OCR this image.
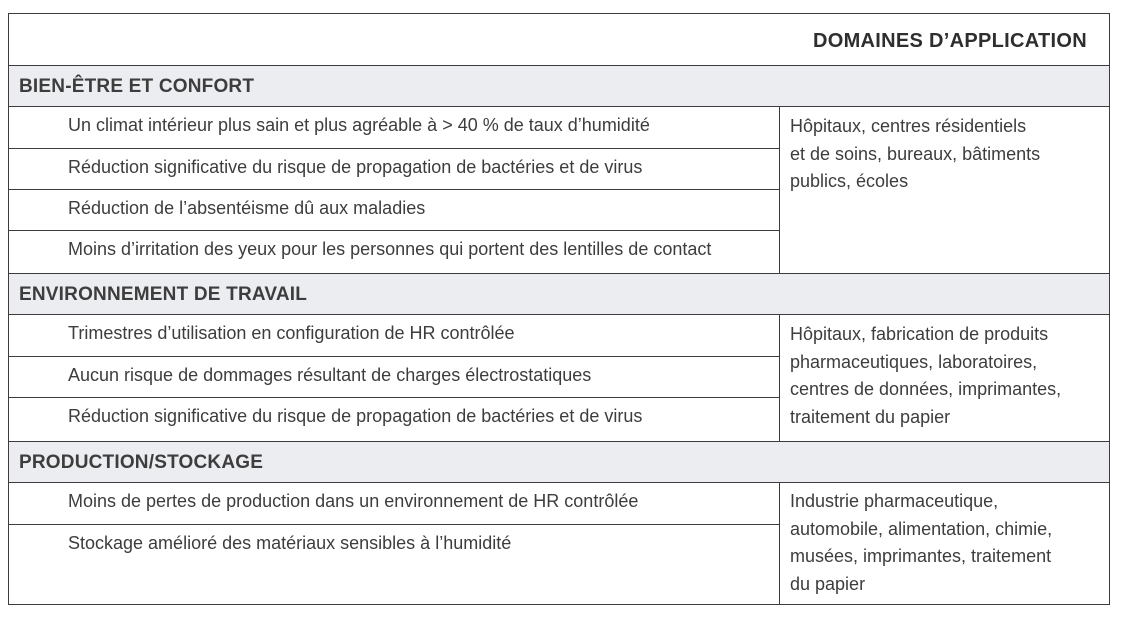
DOMAINES D’APPLICATION
BIEN-ÊTRE ET CONFORT
Un climat intérieur plus sain et plus agréable à > 40 % de taux d’humidité
Réduction significative du risque de propagation de bactéries et de virus
Réduction de l’absentéisme dû aux maladies
Moins d’irritation des yeux pour les personnes qui portent des lentilles de contact
Hôpitaux, centres résidentiels
et de soins, bureaux, bâtiments
publics, écoles
ENVIRONNEMENT DE TRAVAIL
Trimestres d’utilisation en configuration de HR contrôlée
Aucun risque de dommages résultant de charges électrostatiques
Réduction significative du risque de propagation de bactéries et de virus
Hôpitaux, fabrication de produits
pharmaceutiques, laboratoires,
centres de données, imprimantes,
traitement du papier
PRODUCTION/STOCKAGE
Moins de pertes de production dans un environnement de HR contrôlée
Stockage amélioré des matériaux sensibles à l’humidité
Industrie pharmaceutique,
automobile, alimentation, chimie,
musées, imprimantes, traitement
du papier
